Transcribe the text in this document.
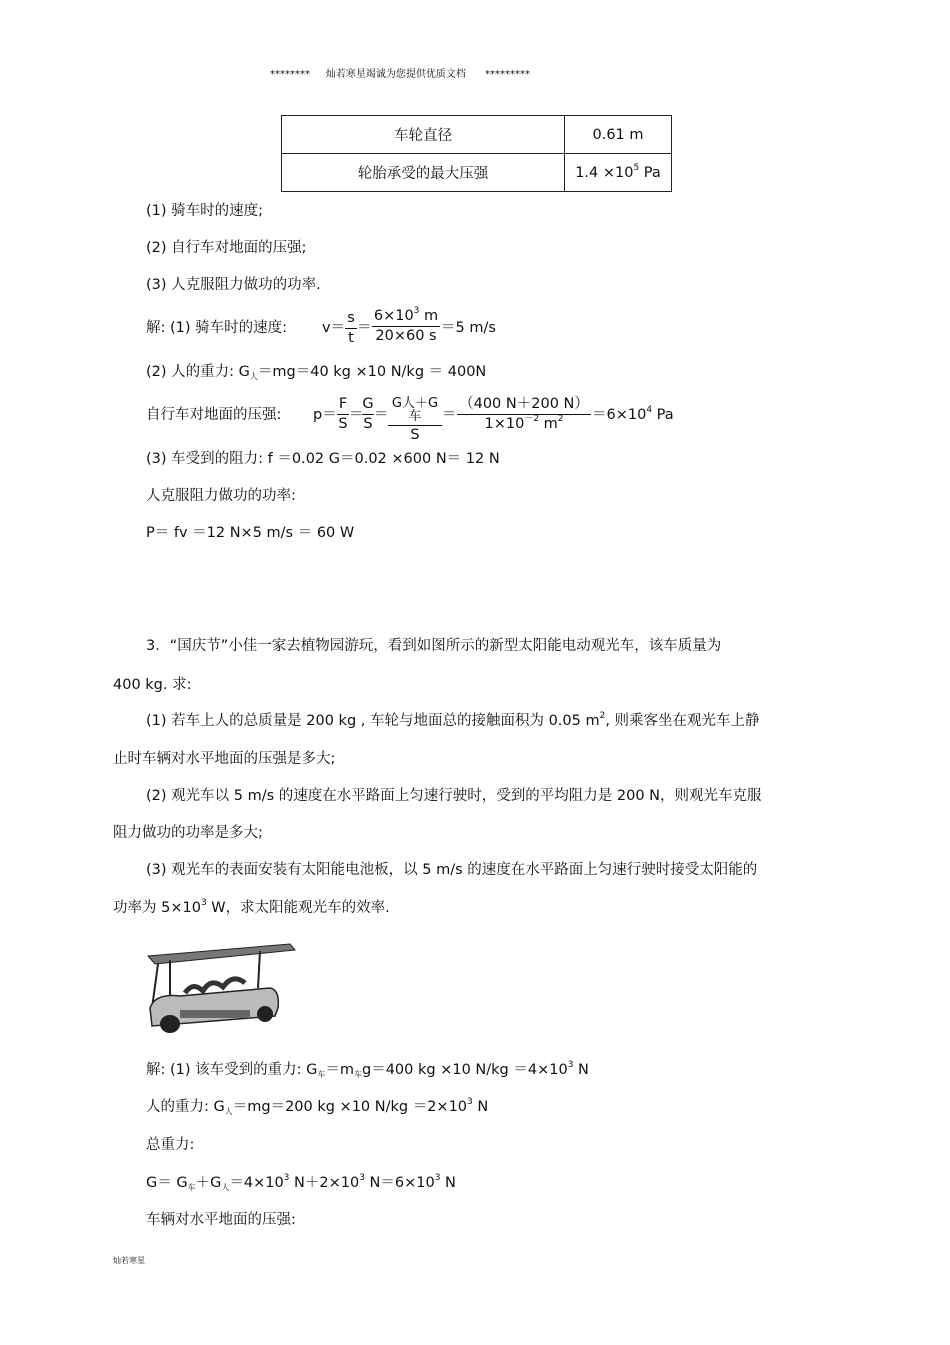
******** 灿若寒星竭诚为您提供优质文档 *********
车轮直径	0.61 m
轮胎承受的最大压强	$1.4 \times 10^5$ Pa
(1) 骑车时的速度;
(2) 自行车对地面的压强;
(3) 人克服阻力做功的功率.
解: (1) 骑车时的速度: v＝
s
t
＝
$6\times 10^3$ m
20×60 s ＝5 m/s
(2) 人的重力: $G_人=mg=40$ kg ×10 N/kg ＝ 400N
自行车对地面的压强: p＝
F
S
＝
G
S
＝
G人＋G车
S
＝
（400 N＋200 N）
$1\times 10^{-2}$ $m^2$	$=6\times 10^4$ Pa
(3) 车受到的阻力: f ＝0.02 G＝0.02 ×600 N＝ 12 N
人克服阻力做功的功率:
P＝ fv ＝12 N×5 m/s ＝ 60 W
3．“国庆节”小佳一家去植物园游玩，看到如图所示的新型太阳能电动观光车，该车质量为
400 kg. 求:
(1) 若车上人的总质量是 200 kg , 车轮与地面总的接触面积为 0.05 $m^2$, 则乘客坐在观光车上静
止时车辆对水平地面的压强是多大;
(2) 观光车以 5 m/s 的速度在水平路面上匀速行驶时，受到的平均阻力是 200 N，则观光车克服
阻力做功的功率是多大;
(3) 观光车的表面安装有太阳能电池板，以 5 m/s 的速度在水平路面上匀速行驶时接受太阳能的
功率为 $5\times 10^3$ W，求太阳能观光车的效率.
解: (1) 该车受到的重力: $G_车=m_车g=400$ kg ×10 $N/kg =4\times 10^3$ N
人的重力: $G_人=mg=200$ kg ×10 $N/kg =2\times 10^3$ N
总重力:
$G= G_车+G_人=4\times 10^3$ $N+2\times 10^3$ $N=6\times 10^3$ N
车辆对水平地面的压强:
灿若寒星
